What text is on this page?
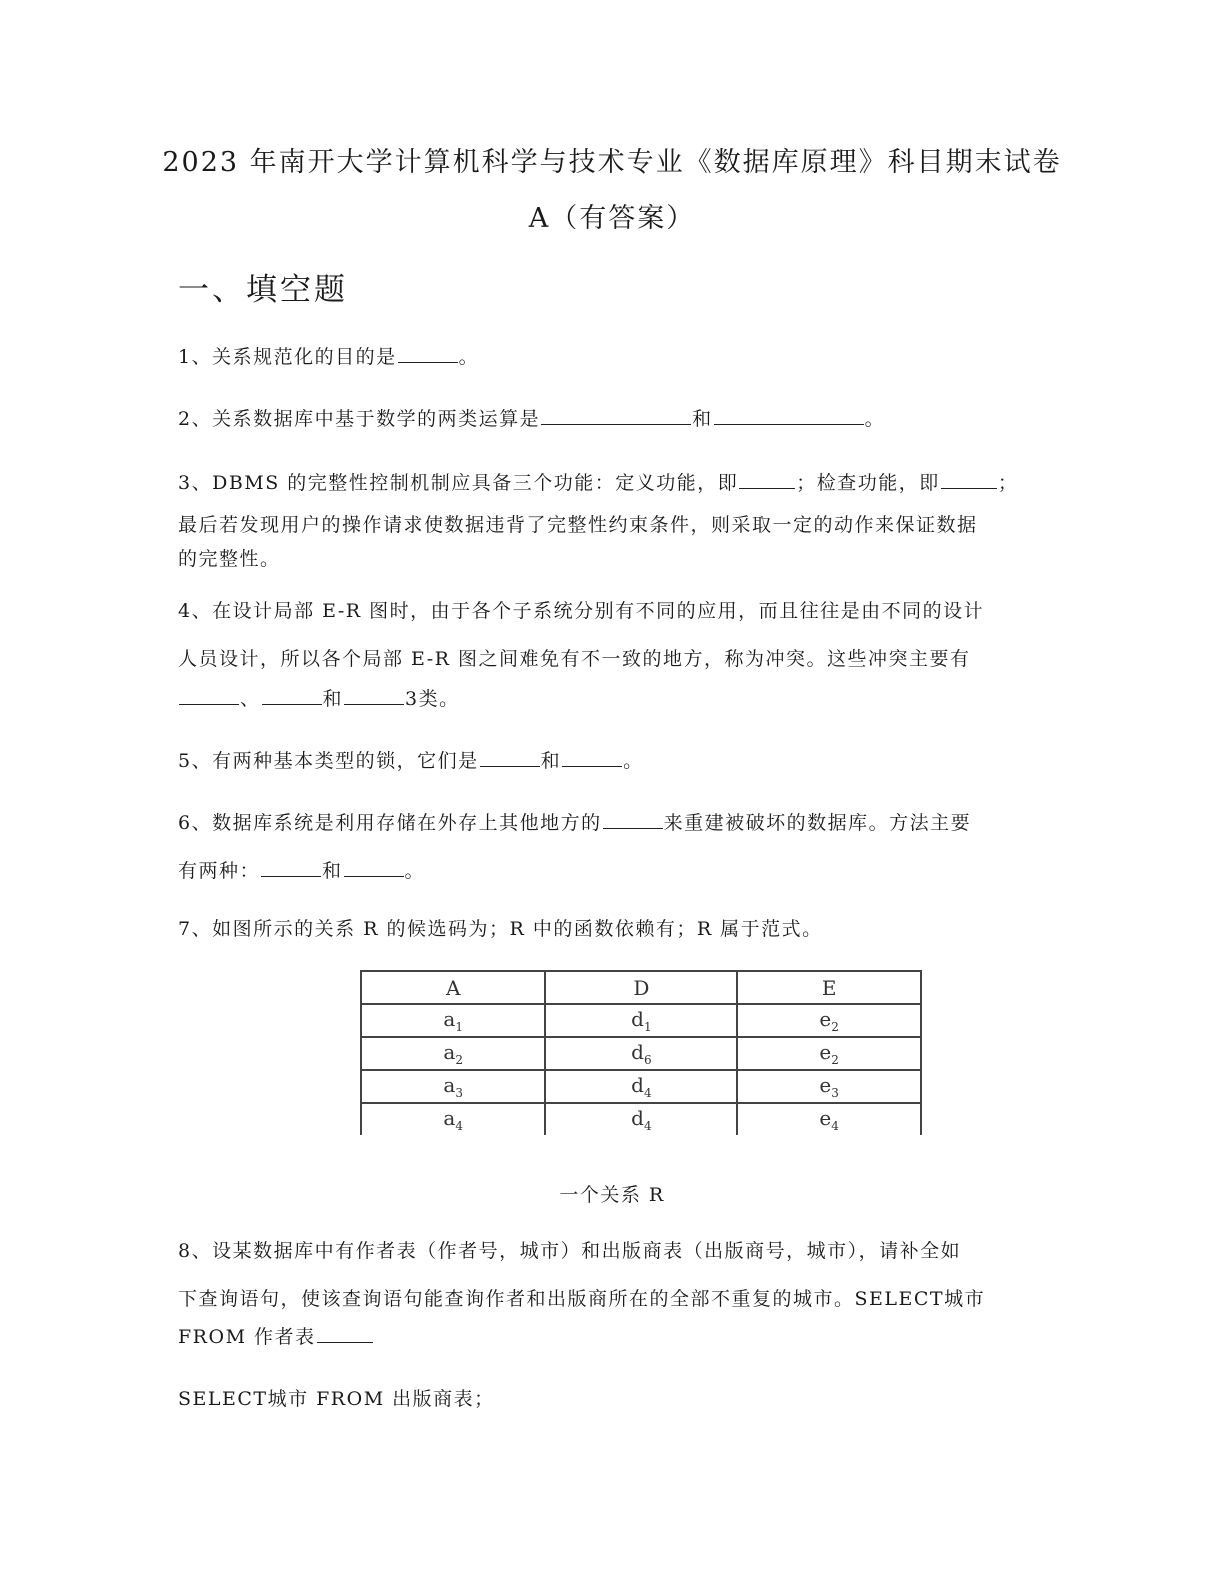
2023 年南开大学计算机科学与技术专业《数据库原理》科目期末试卷
A（有答案）
一、填空题
1、关系规范化的目的是	。
2、关系数据库中基于数学的两类运算是	和	。
3、DBMS 的完整性控制机制应具备三个功能：定义功能，即	；检查功能，即	；
最后若发现用户的操作请求使数据违背了完整性约束条件，则采取一定的动作来保证数据
的完整性。
4、在设计局部 E-R 图时，由于各个子系统分别有不同的应用，而且往往是由不同的设计
人员设计，所以各个局部 E-R 图之间难免有不一致的地方，称为冲突。这些冲突主要有
、	和	3类。
5、有两种基本类型的锁，它们是	和	。
6、数据库系统是利用存储在外存上其他地方的	来重建被破坏的数据库。方法主要
有两种：	和	。
7、如图所示的关系 R 的候选码为；R 中的函数依赖有；R 属于范式。
A	D	E
$a_1$	$d_1$	$e_2$
$a_2$	$d_6$	$e_2$
$a_3$	$d_4$	$e_3$
$a_4$	$d_4$	$e_4$
一个关系 R
8、设某数据库中有作者表（作者号，城市）和出版商表（出版商号，城市），请补全如
下查询语句，使该查询语句能查询作者和出版商所在的全部不重复的城市。SELECT城市
FROM 作者表
SELECT城市 FROM 出版商表；
